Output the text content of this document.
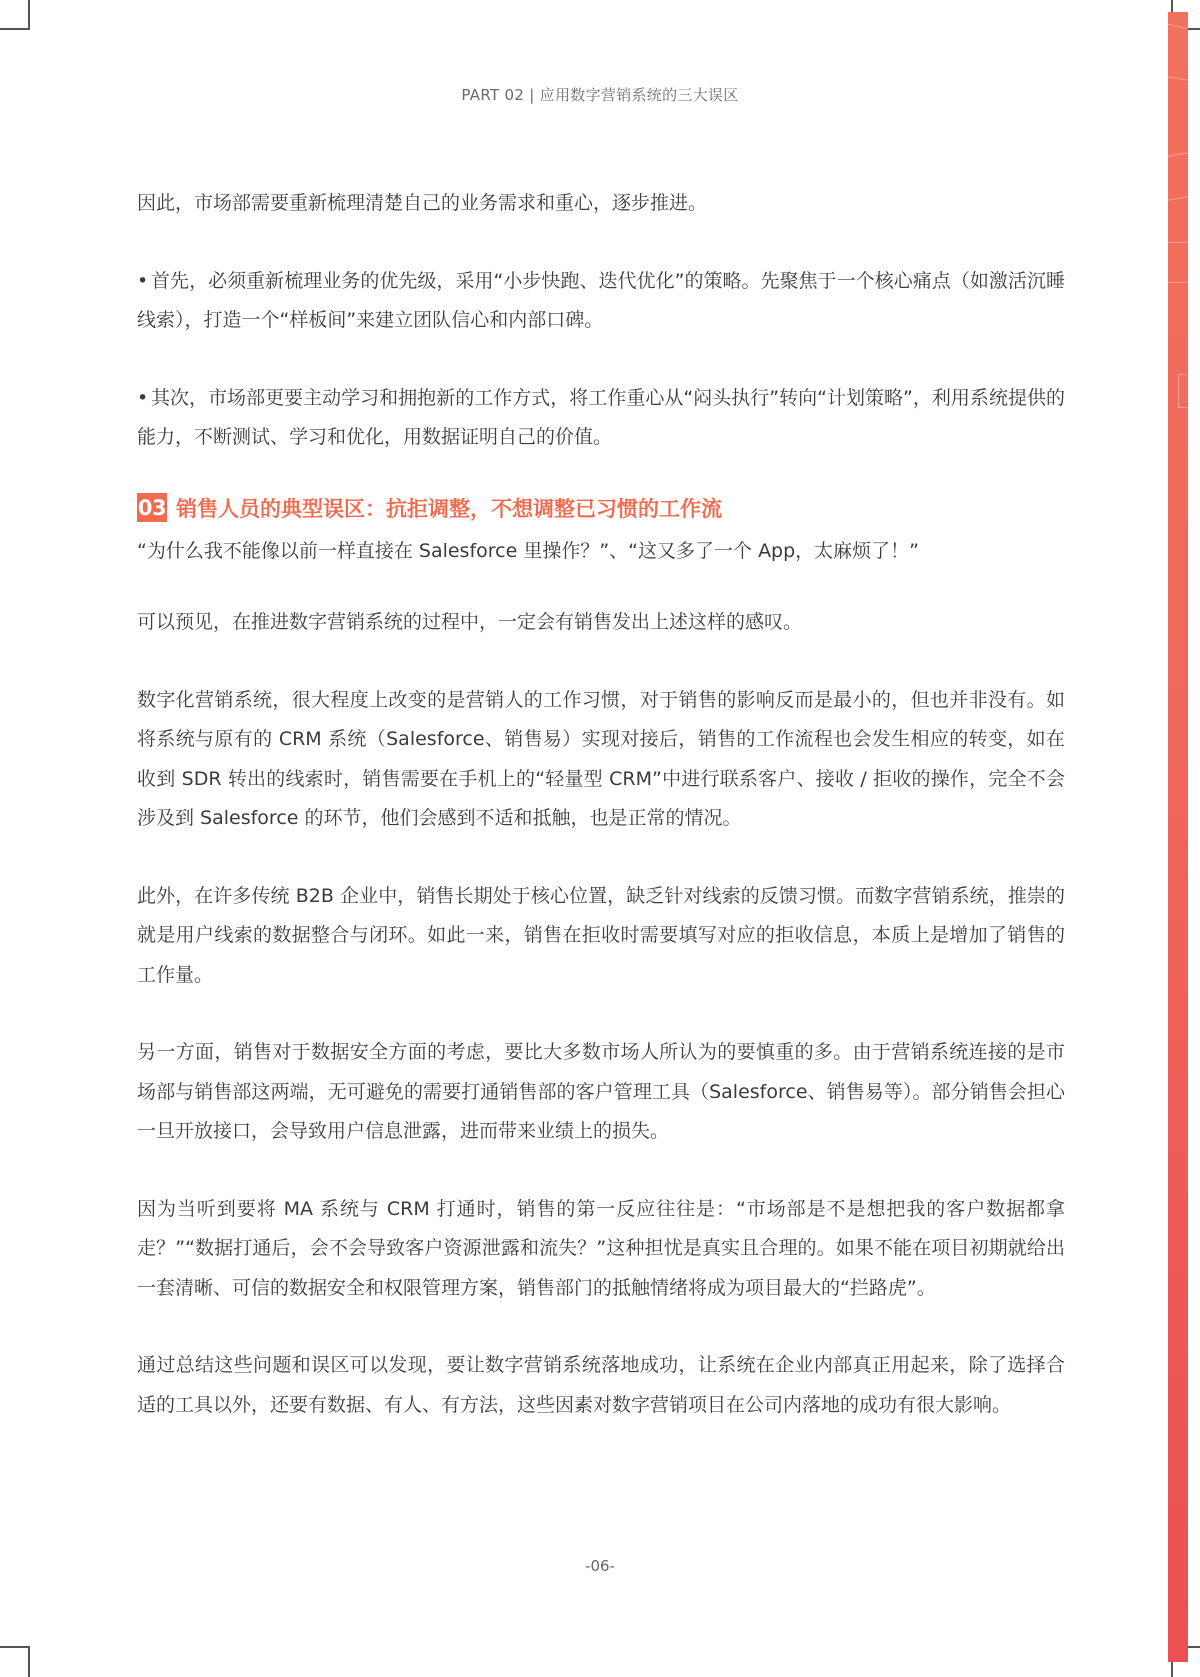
PART 02 | 应用数字营销系统的三大误区

因此，市场部需要重新梳理清楚自己的业务需求和重心，逐步推进。

• 首先，必须重新梳理业务的优先级，采用“小步快跑、迭代优化”的策略。先聚焦于一个核心痛点（如激活沉睡线索），打造一个“样板间”来建立团队信心和内部口碑。

• 其次，市场部更要主动学习和拥抱新的工作方式，将工作重心从“闷头执行”转向“计划策略”，利用系统提供的能力，不断测试、学习和优化，用数据证明自己的价值。

03 销售人员的典型误区：抗拒调整，不想调整已习惯的工作流

“为什么我不能像以前一样直接在 Salesforce 里操作？”、“这又多了一个 App，太麻烦了！”

可以预见，在推进数字营销系统的过程中，一定会有销售发出上述这样的感叹。

数字化营销系统，很大程度上改变的是营销人的工作习惯，对于销售的影响反而是最小的，但也并非没有。如将系统与原有的 CRM 系统（Salesforce、销售易）实现对接后，销售的工作流程也会发生相应的转变，如在收到 SDR 转出的线索时，销售需要在手机上的“轻量型 CRM”中进行联系客户、接收 / 拒收的操作，完全不会涉及到 Salesforce 的环节，他们会感到不适和抵触，也是正常的情况。

此外，在许多传统 B2B 企业中，销售长期处于核心位置，缺乏针对线索的反馈习惯。而数字营销系统，推崇的就是用户线索的数据整合与闭环。如此一来，销售在拒收时需要填写对应的拒收信息，本质上是增加了销售的工作量。

另一方面，销售对于数据安全方面的考虑，要比大多数市场人所认为的要慎重的多。由于营销系统连接的是市场部与销售部这两端，无可避免的需要打通销售部的客户管理工具（Salesforce、销售易等）。部分销售会担心一旦开放接口，会导致用户信息泄露，进而带来业绩上的损失。

因为当听到要将 MA 系统与 CRM 打通时，销售的第一反应往往是：“市场部是不是想把我的客户数据都拿走？”“数据打通后，会不会导致客户资源泄露和流失？”这种担忧是真实且合理的。如果不能在项目初期就给出一套清晰、可信的数据安全和权限管理方案，销售部门的抵触情绪将成为项目最大的“拦路虎”。

通过总结这些问题和误区可以发现，要让数字营销系统落地成功，让系统在企业内部真正用起来，除了选择合适的工具以外，还要有数据、有人、有方法，这些因素对数字营销项目在公司内落地的成功有很大影响。

-06-
